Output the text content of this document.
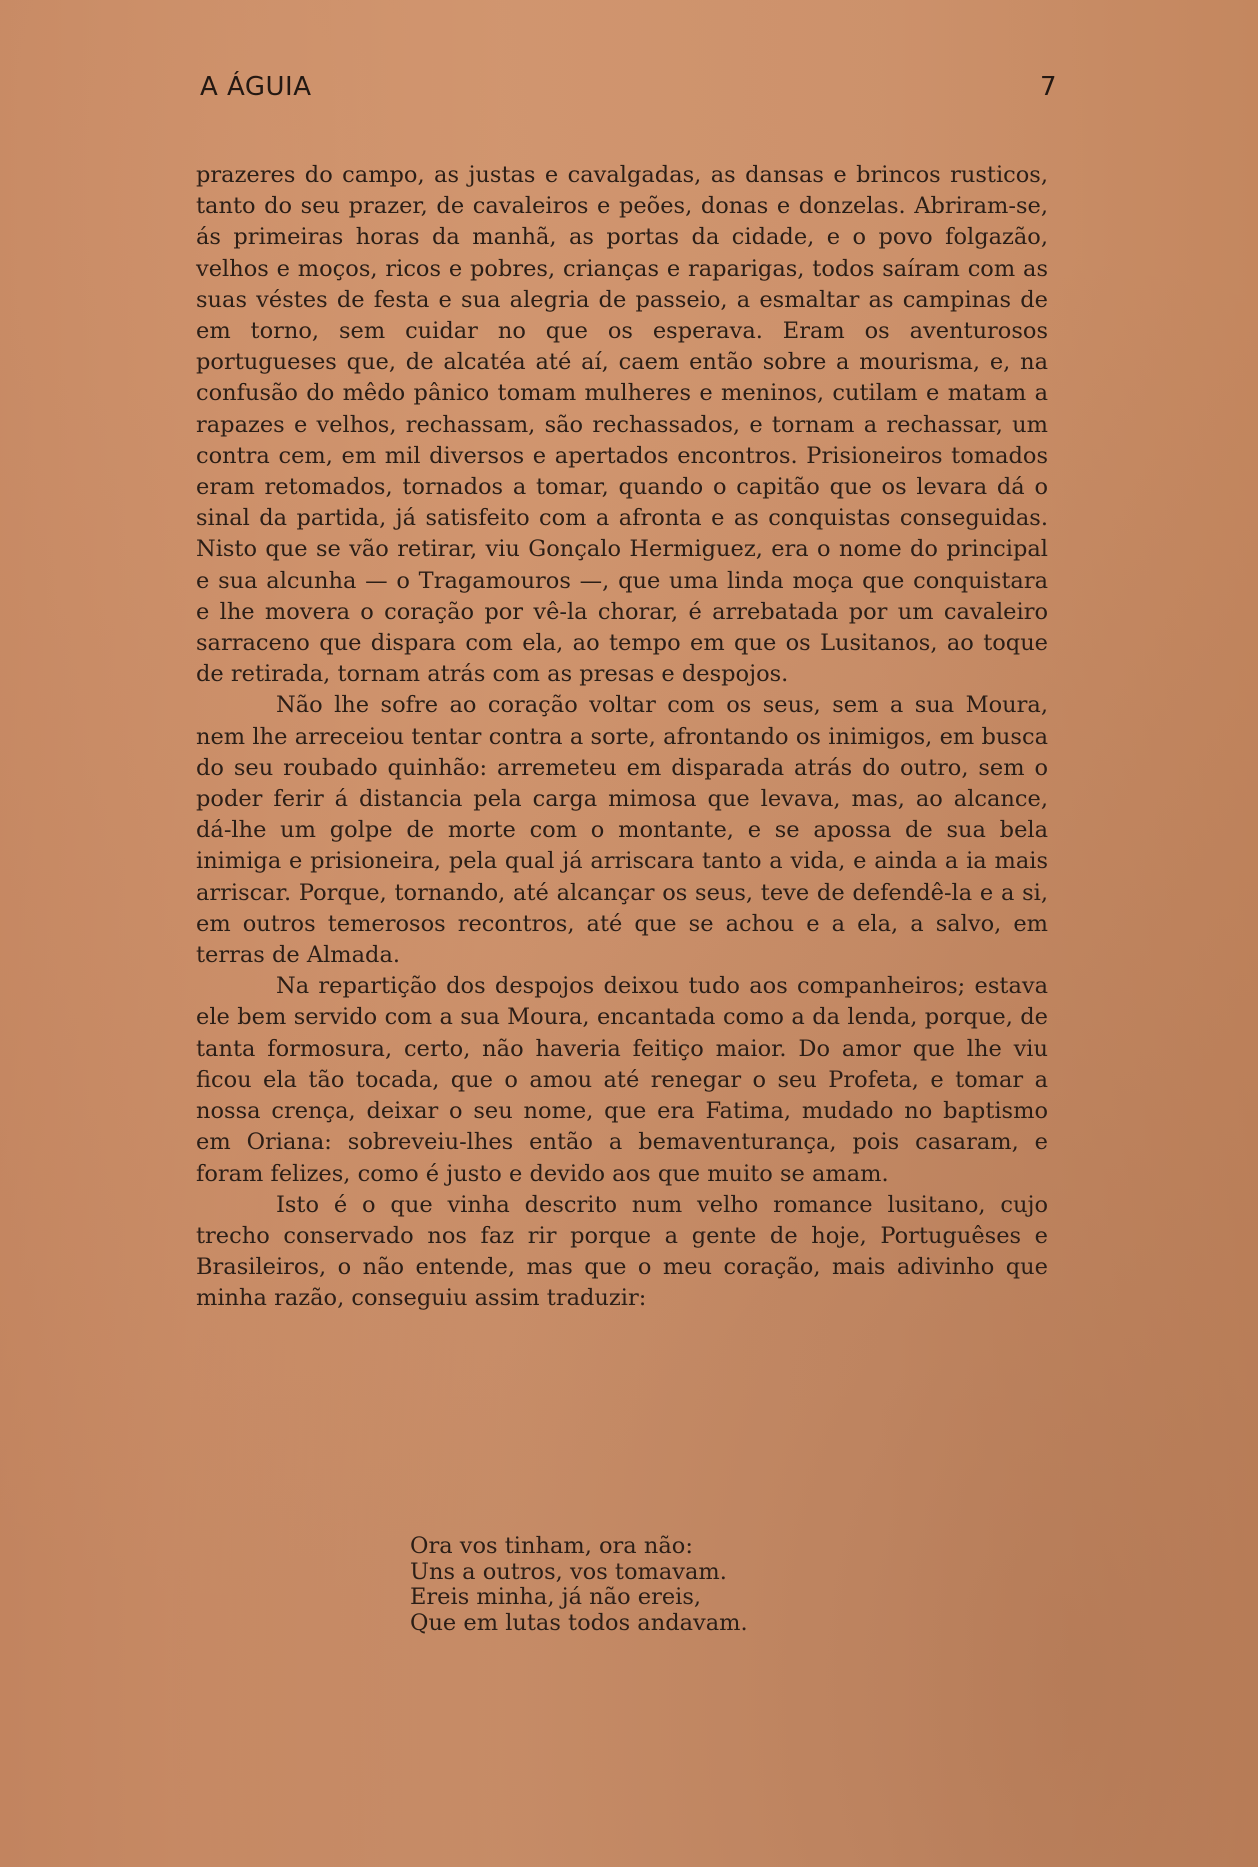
A ÁGUIA	7

prazeres do campo, as justas e cavalgadas, as dansas e brincos rusticos, tanto do seu prazer, de cavaleiros e peões, donas e donzelas. Abriram-se, ás primeiras horas da manhã, as portas da cidade, e o povo folgazão, velhos e moços, ricos e pobres, crianças e raparigas, todos saíram com as suas véstes de festa e sua alegria de passeio, a esmaltar as campinas de em torno, sem cuidar no que os esperava. Eram os aventurosos portugueses que, de alcatéa até aí, caem então sobre a mourisma, e, na confusão do mêdo pânico tomam mulheres e meninos, cutilam e matam a rapazes e velhos, rechassam, são rechassados, e tornam a rechassar, um contra cem, em mil diversos e apertados encontros. Prisioneiros tomados eram retomados, tornados a tomar, quando o capitão que os levara dá o sinal da partida, já satisfeito com a afronta e as conquistas conseguidas. Nisto que se vão retirar, viu Gonçalo Hermiguez, era o nome do principal e sua alcunha — o Tragamouros —, que uma linda moça que conquistara e lhe movera o coração por vê-la chorar, é arrebatada por um cavaleiro sarraceno que dispara com ela, ao tempo em que os Lusitanos, ao toque de retirada, tornam atrás com as presas e despojos.

Não lhe sofre ao coração voltar com os seus, sem a sua Moura, nem lhe arreceiou tentar contra a sorte, afrontando os inimigos, em busca do seu roubado quinhão: arremeteu em disparada atrás do outro, sem o poder ferir á distancia pela carga mimosa que levava, mas, ao alcance, dá-lhe um golpe de morte com o montante, e se apossa de sua bela inimiga e prisioneira, pela qual já arriscara tanto a vida, e ainda a ia mais arriscar. Porque, tornando, até alcançar os seus, teve de defendê-la e a si, em outros temerosos recontros, até que se achou e a ela, a salvo, em terras de Almada.

Na repartição dos despojos deixou tudo aos companheiros; estava ele bem servido com a sua Moura, encantada como a da lenda, porque, de tanta formosura, certo, não haveria feitiço maior. Do amor que lhe viu ficou ela tão tocada, que o amou até renegar o seu Profeta, e tomar a nossa crença, deixar o seu nome, que era Fatima, mudado no baptismo em Oriana: sobreveiu-lhes então a bemaventurança, pois casaram, e foram felizes, como é justo e devido aos que muito se amam.

Isto é o que vinha descrito num velho romance lusitano, cujo trecho conservado nos faz rir porque a gente de hoje, Portuguêses e Brasileiros, o não entende, mas que o meu coração, mais adivinho que minha razão, conseguiu assim traduzir:

Ora vos tinham, ora não:
Uns a outros, vos tomavam.
Ereis minha, já não ereis,
Que em lutas todos andavam.
